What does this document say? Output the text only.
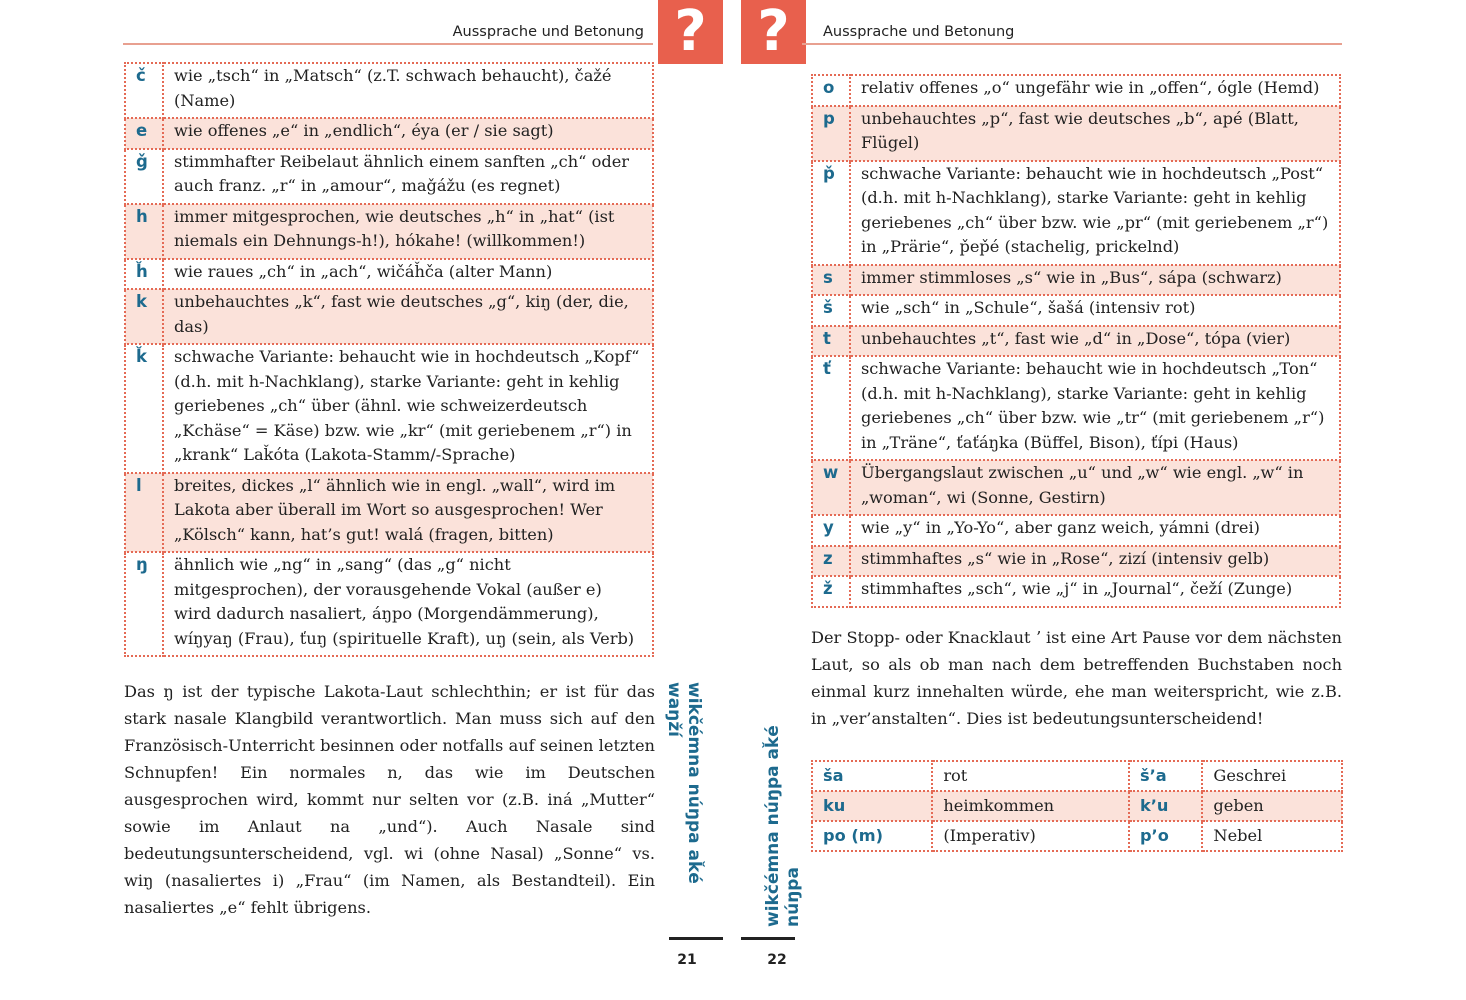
Aussprache und Betonung ?
č	wie „tsch“ in „Matsch“ (z.T. schwach behaucht), čažé (Name)
e	wie offenes „e“ in „endlich“, éya (er / sie sagt)
ǧ	stimmhafter Reibelaut ähnlich einem sanften „ch“ oder auch franz. „r“ in „amour“, maǧážu (es regnet)
h	immer mitgesprochen, wie deutsches „h“ in „hat“ (ist niemals ein Dehnungs-h!), hókahe! (willkommen!)
ȟ	wie raues „ch“ in „ach“, wičáȟča (alter Mann)
k	unbehauchtes „k“, fast wie deutsches „g“, kiŋ (der, die, das)
ǩ	schwache Variante: behaucht wie in hochdeutsch „Kopf“ (d.h. mit h-Nachklang), starke Variante: geht in kehlig geriebenes „ch“ über (ähnl. wie schweizerdeutsch „Kchäse“ = Käse) bzw. wie „kr“ (mit geriebenem „r“) in „krank“ Laǩóta (Lakota-Stamm/-Sprache)
l	breites, dickes „l“ ähnlich wie in engl. „wall“, wird im Lakota aber überall im Wort so ausgesprochen! Wer „Kölsch“ kann, hat’s gut! walá (fragen, bitten)
ŋ	ähnlich wie „ng“ in „sang“ (das „g“ nicht mitgesprochen), der vorausgehende Vokal (außer e) wird dadurch nasaliert, áŋpo (Morgendämmerung), wíŋyaŋ (Frau), ťuŋ (spirituelle Kraft), uŋ (sein, als Verb)

Das ŋ ist der typische Lakota-Laut schlechthin; er ist für das stark nasale Klangbild verantwortlich. Man muss sich auf den Französisch-Unterricht besinnen oder notfalls auf seinen letzten Schnupfen! Ein normales n, das wie im Deutschen ausgesprochen wird, kommt nur selten vor (z.B. iná „Mutter“ sowie im Anlaut na „und“). Auch Nasale sind bedeutungsunterscheidend, vgl. wi (ohne Nasal) „Sonne“ vs. wiŋ (nasaliertes i) „Frau“ (im Namen, als Bestandteil). Ein nasaliertes „e“ fehlt übrigens.

wikčémna núŋpa aǩé waŋží
21
?	Aussprache und Betonung
o	relativ offenes „o“ ungefähr wie in „offen“, ógle (Hemd)
p	unbehauchtes „p“, fast wie deutsches „b“, apé (Blatt, Flügel)
p̌	schwache Variante: behaucht wie in hochdeutsch „Post“ (d.h. mit h-Nachklang), starke Variante: geht in kehlig geriebenes „ch“ über bzw. wie „pr“ (mit geriebenem „r“) in „Prärie“, p̌ep̌é (stachelig, prickelnd)
s	immer stimmloses „s“ wie in „Bus“, sápa (schwarz)
š	wie „sch“ in „Schule“, šašá (intensiv rot)
t	unbehauchtes „t“, fast wie „d“ in „Dose“, tópa (vier)
ť	schwache Variante: behaucht wie in hochdeutsch „Ton“ (d.h. mit h-Nachklang), starke Variante: geht in kehlig geriebenes „ch“ über bzw. wie „tr“ (mit geriebenem „r“) in „Träne“, ťaťáŋka (Büffel, Bison), ťípi (Haus)
w	Übergangslaut zwischen „u“ und „w“ wie engl. „w“ in „woman“, wi (Sonne, Gestirn)
y	wie „y“ in „Yo-Yo“, aber ganz weich, yámni (drei)
z	stimmhaftes „s“ wie in „Rose“, zizí (intensiv gelb)
ž	stimmhaftes „sch“, wie „j“ in „Journal“, čeží (Zunge)

Der Stopp- oder Knacklaut ʼ ist eine Art Pause vor dem nächsten Laut, so als ob man nach dem betreffenden Buchstaben noch einmal kurz innehalten würde, ehe man weiterspricht, wie z.B. in „ver’anstalten“. Dies ist bedeutungsunterscheidend!

ša	rot	šʼa	Geschrei
ku	heimkommen	kʼu	geben
po (m)	(Imperativ)	pʼo	Nebel
wikčémna núŋpa aǩé núŋpa
22
